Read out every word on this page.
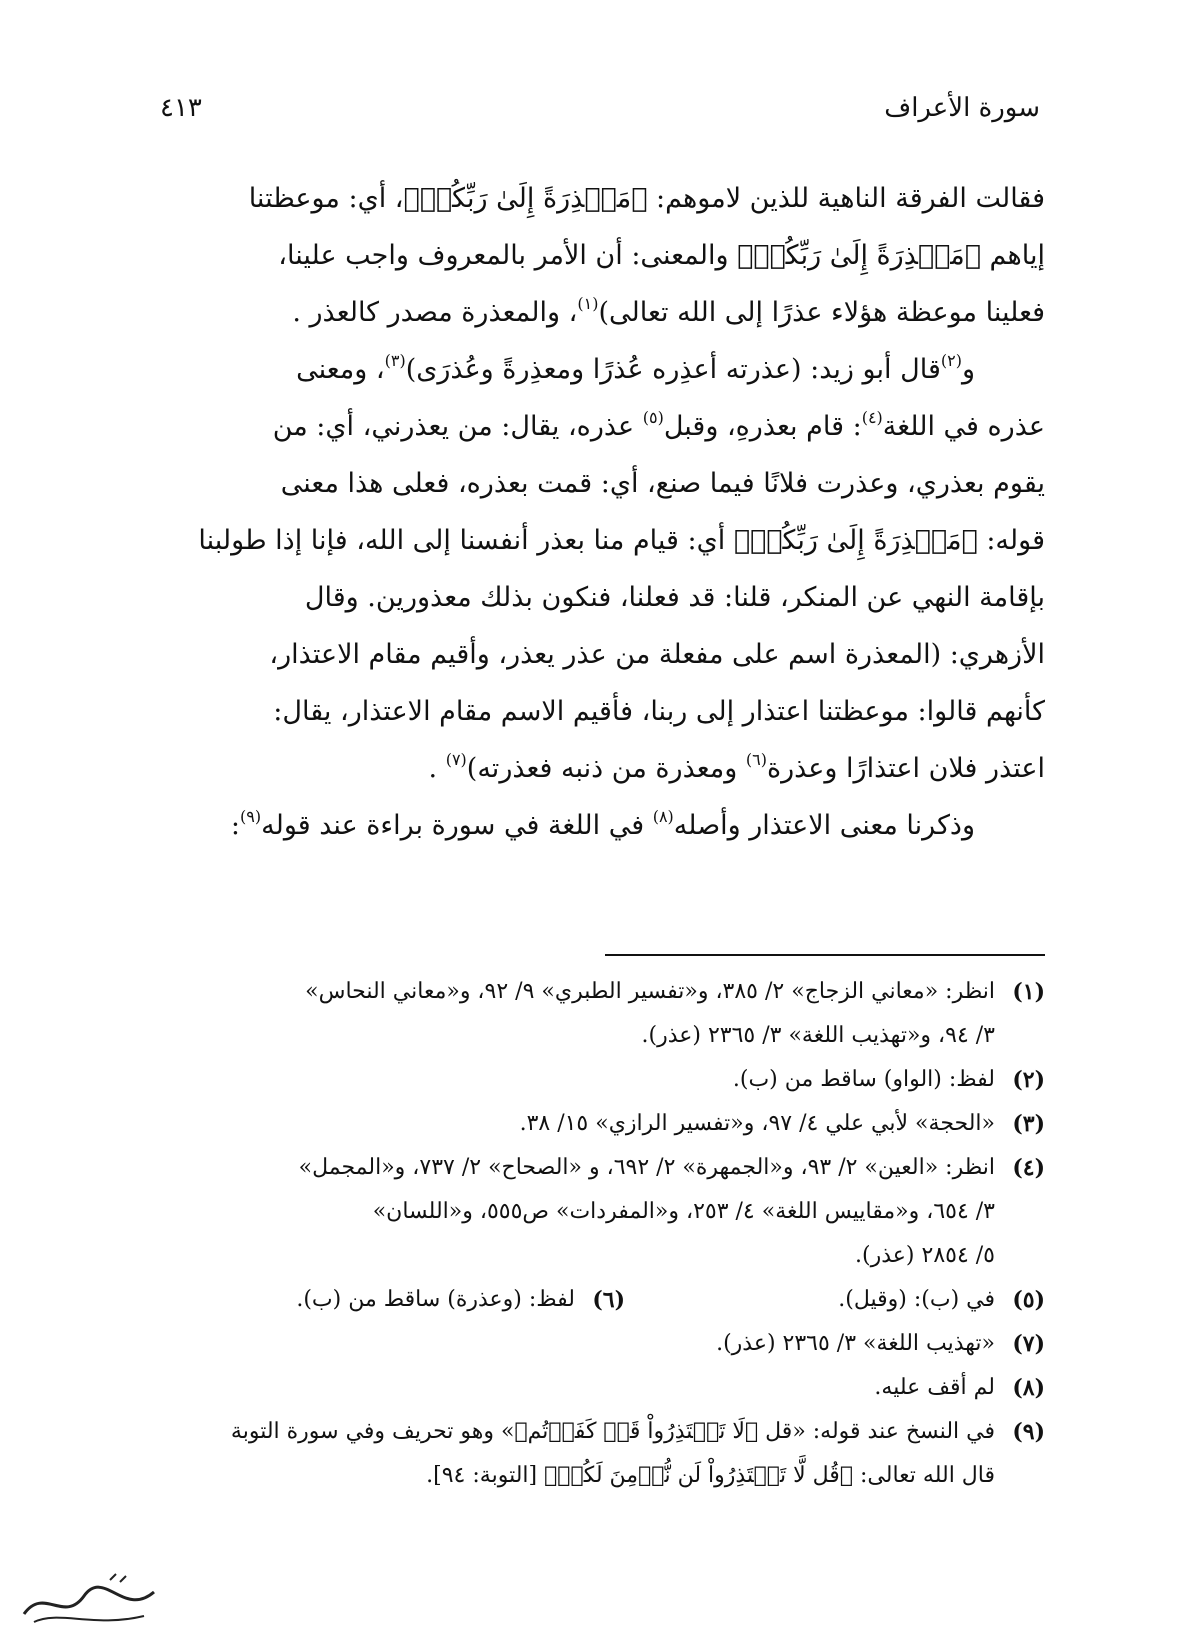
سورة الأعراف
٤١٣
فقالت الفرقة الناهية للذين لاموهم: ﴿مَعۡذِرَةً إِلَىٰ رَبِّكُمۡ﴾، أي: موعظتنا
إياهم ﴿مَعۡذِرَةً إِلَىٰ رَبِّكُمۡ﴾ والمعنى: أن الأمر بالمعروف واجب علينا،
فعلينا موعظة هؤلاء عذرًا إلى الله تعالى)$^{(١)}$، والمعذرة مصدر كالعذر .
و$^{(٢)}$قال أبو زيد: (عذرته أعذِره عُذرًا ومعذِرةً وعُذرَى)$^{(٣)}$، ومعنى
عذره في اللغة$^{(٤)}$: قام بعذرهِ، وقبل$^{(٥)}$ عذره، يقال: من يعذرني، أي: من
يقوم بعذري، وعذرت فلانًا فيما صنع، أي: قمت بعذره، فعلى هذا معنى
قوله: ﴿مَعۡذِرَةً إِلَىٰ رَبِّكُمۡ﴾ أي: قيام منا بعذر أنفسنا إلى الله، فإنا إذا طولبنا
بإقامة النهي عن المنكر، قلنا: قد فعلنا، فنكون بذلك معذورين. وقال
الأزهري: (المعذرة اسم على مفعلة من عذر يعذر، وأقيم مقام الاعتذار،
كأنهم قالوا: موعظتنا اعتذار إلى ربنا، فأقيم الاسم مقام الاعتذار، يقال:
اعتذر فلان اعتذارًا وعذرة$^{(٦)}$ ومعذرة من ذنبه فعذرته)$^{(٧)}$ .
وذكرنا معنى الاعتذار وأصله$^{(٨)}$ في اللغة في سورة براءة عند قوله$^{(٩)}$:
(١)
انظر: «معاني الزجاج» ٢/ ٣٨٥، و«تفسير الطبري» ٩/ ٩٢، و«معاني النحاس»
٣/ ٩٤، و«تهذيب اللغة» ٣/ ٢٣٦٥ (عذر).
(٢)
لفظ: (الواو) ساقط من (ب).
(٣)
«الحجة» لأبي علي ٤/ ٩٧، و«تفسير الرازي» ١٥/ ٣٨.
(٤)
انظر: «العين» ٢/ ٩٣، و«الجمهرة» ٢/ ٦٩٢، و «الصحاح» ٢/ ٧٣٧، و«المجمل»
٣/ ٦٥٤، و«مقاييس اللغة» ٤/ ٢٥٣، و«المفردات» ص٥٥٥، و«اللسان»
٥/ ٢٨٥٤ (عذر).
(٥)
في (ب): (وقيل).
(٦)
لفظ: (وعذرة) ساقط من (ب).
(٧)
«تهذيب اللغة» ٣/ ٢٣٦٥ (عذر).
(٨)
لم أقف عليه.
(٩)
في النسخ عند قوله: «قل ﴿لَا تَعۡتَذِرُواْ قَدۡ كَفَرۡتُم﴾» وهو تحريف وفي سورة التوبة
قال الله تعالى: ﴿قُل لَّا تَعۡتَذِرُواْ لَن نُّؤۡمِنَ لَكُمۡ﴾ [التوبة: ٩٤].
